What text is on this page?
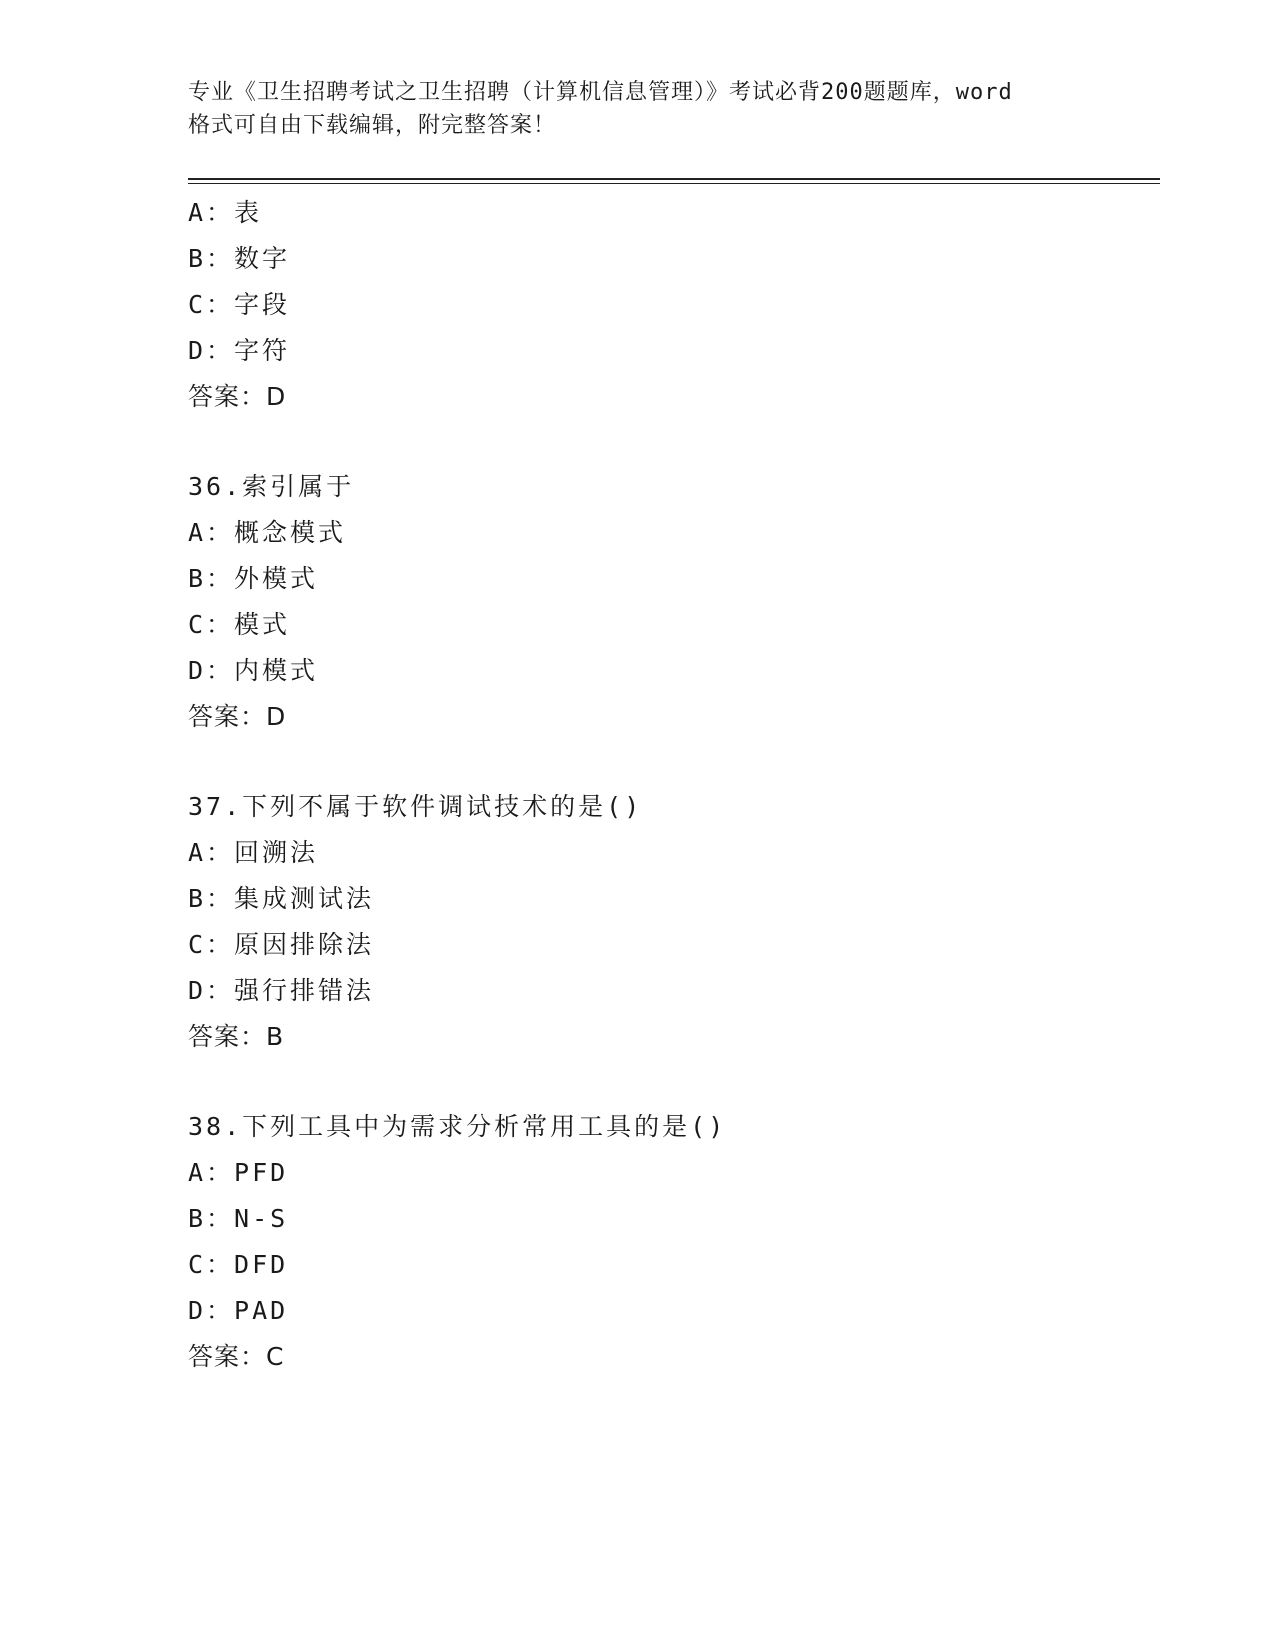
专业《卫生招聘考试之卫生招聘（计算机信息管理）》考试必背200题题库，word
格式可自由下载编辑，附完整答案！
A：表
B：数字
C：字段
D：字符
答案：D
36.索引属于
A：概念模式
B：外模式
C：模式
D：内模式
答案：D
37.下列不属于软件调试技术的是()
A：回溯法
B：集成测试法
C：原因排除法
D：强行排错法
答案：B
38.下列工具中为需求分析常用工具的是()
A：PFD
B：N-S
C：DFD
D：PAD
答案：C
